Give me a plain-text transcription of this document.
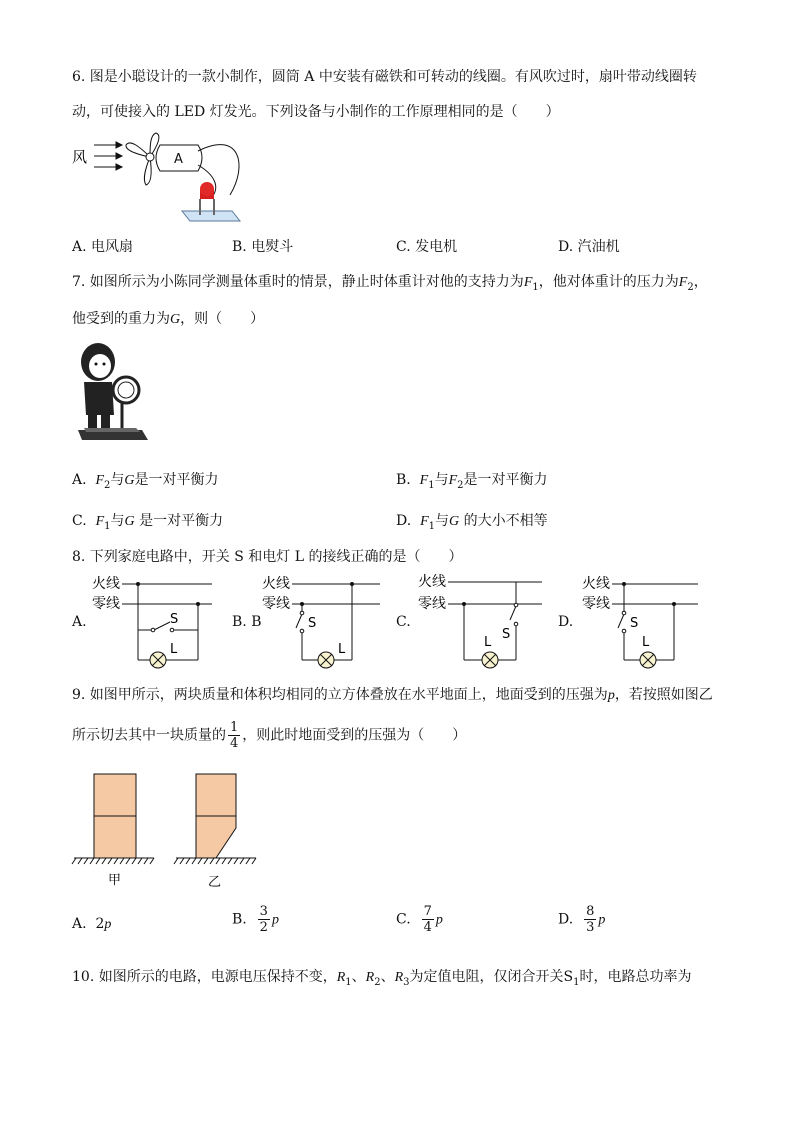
6. 图是小聪设计的一款小制作，圆筒 A 中安装有磁铁和可转动的线圈。有风吹过时，扇叶带动线圈转
动，可使接入的 LED 灯发光。下列设备与小制作的工作原理相同的是（　　）
风	A
A. 电风扇	B. 电熨斗	C. 发电机	D. 汽油机
7. 如图所示为小陈同学测量体重时的情景，静止时体重计对他的支持力为$F_1$，他对体重计的压力为$F_2$，
他受到的重力为G，则（　　）
A. $F_2$与G是一对平衡力	B. $F_1$与$F_2$是一对平衡力
C. $F_1$与G 是一对平衡力	D. $F_1$与G 的大小不相等
8. 下列家庭电路中，开关 S 和电灯 L 的接线正确的是（　　）
A.	B. B	C.	D.
火线
零线
S
L
火线
零线
S
L
火线
零线
S
L
火线
零线
S
L
9. 如图甲所示，两块质量和体积均相同的立方体叠放在水平地面上，地面受到的压强为p，若按照如图乙
所示切去其中一块质量的 $\frac{1}{4}$ ，则此时地面受到的压强为（　　）
甲	乙
A. 2p	B. $\frac{3}{2}$ p	C. $\frac{7}{4}$ p	D. $\frac{8}{3}$ p
10. 如图所示的电路，电源电压保持不变，$R_1$、$R_2$、$R_3$为定值电阻，仅闭合开关$S_1$时，电路总功率为
